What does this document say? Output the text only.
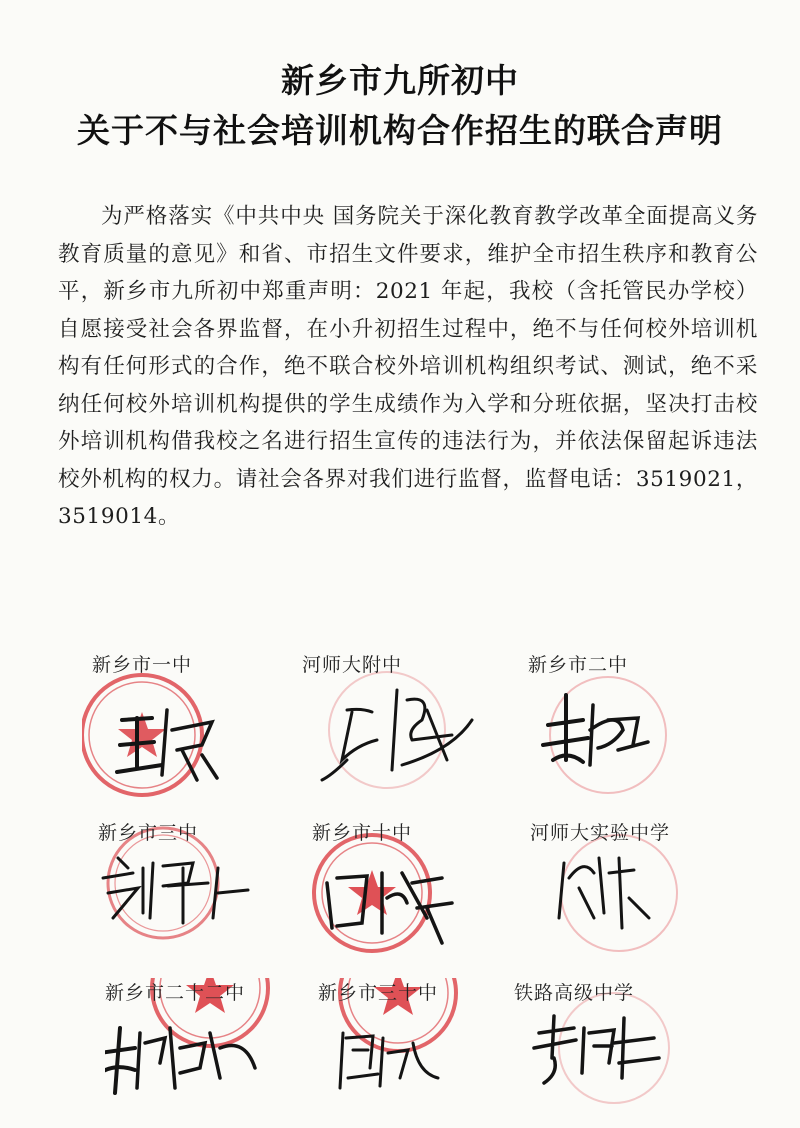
新乡市九所初中
关于不与社会培训机构合作招生的联合声明
为严格落实《中共中央 国务院关于深化教育教学改革全面提高义务教育质量的意见》和省、市招生文件要求，维护全市招生秩序和教育公平，新乡市九所初中郑重声明：2021 年起，我校（含托管民办学校）自愿接受社会各界监督，在小升初招生过程中，绝不与任何校外培训机构有任何形式的合作，绝不联合校外培训机构组织考试、测试，绝不采纳任何校外培训机构提供的学生成绩作为入学和分班依据，坚决打击校外培训机构借我校之名进行招生宣传的违法行为，并依法保留起诉违法校外机构的权力。请社会各界对我们进行监督，监督电话：3519021，3519014。
新乡市一中	河师大附中	新乡市二中
新乡市三中	新乡市十中	河师大实验中学
新乡市二十二中	新乡市三十中	铁路高级中学
